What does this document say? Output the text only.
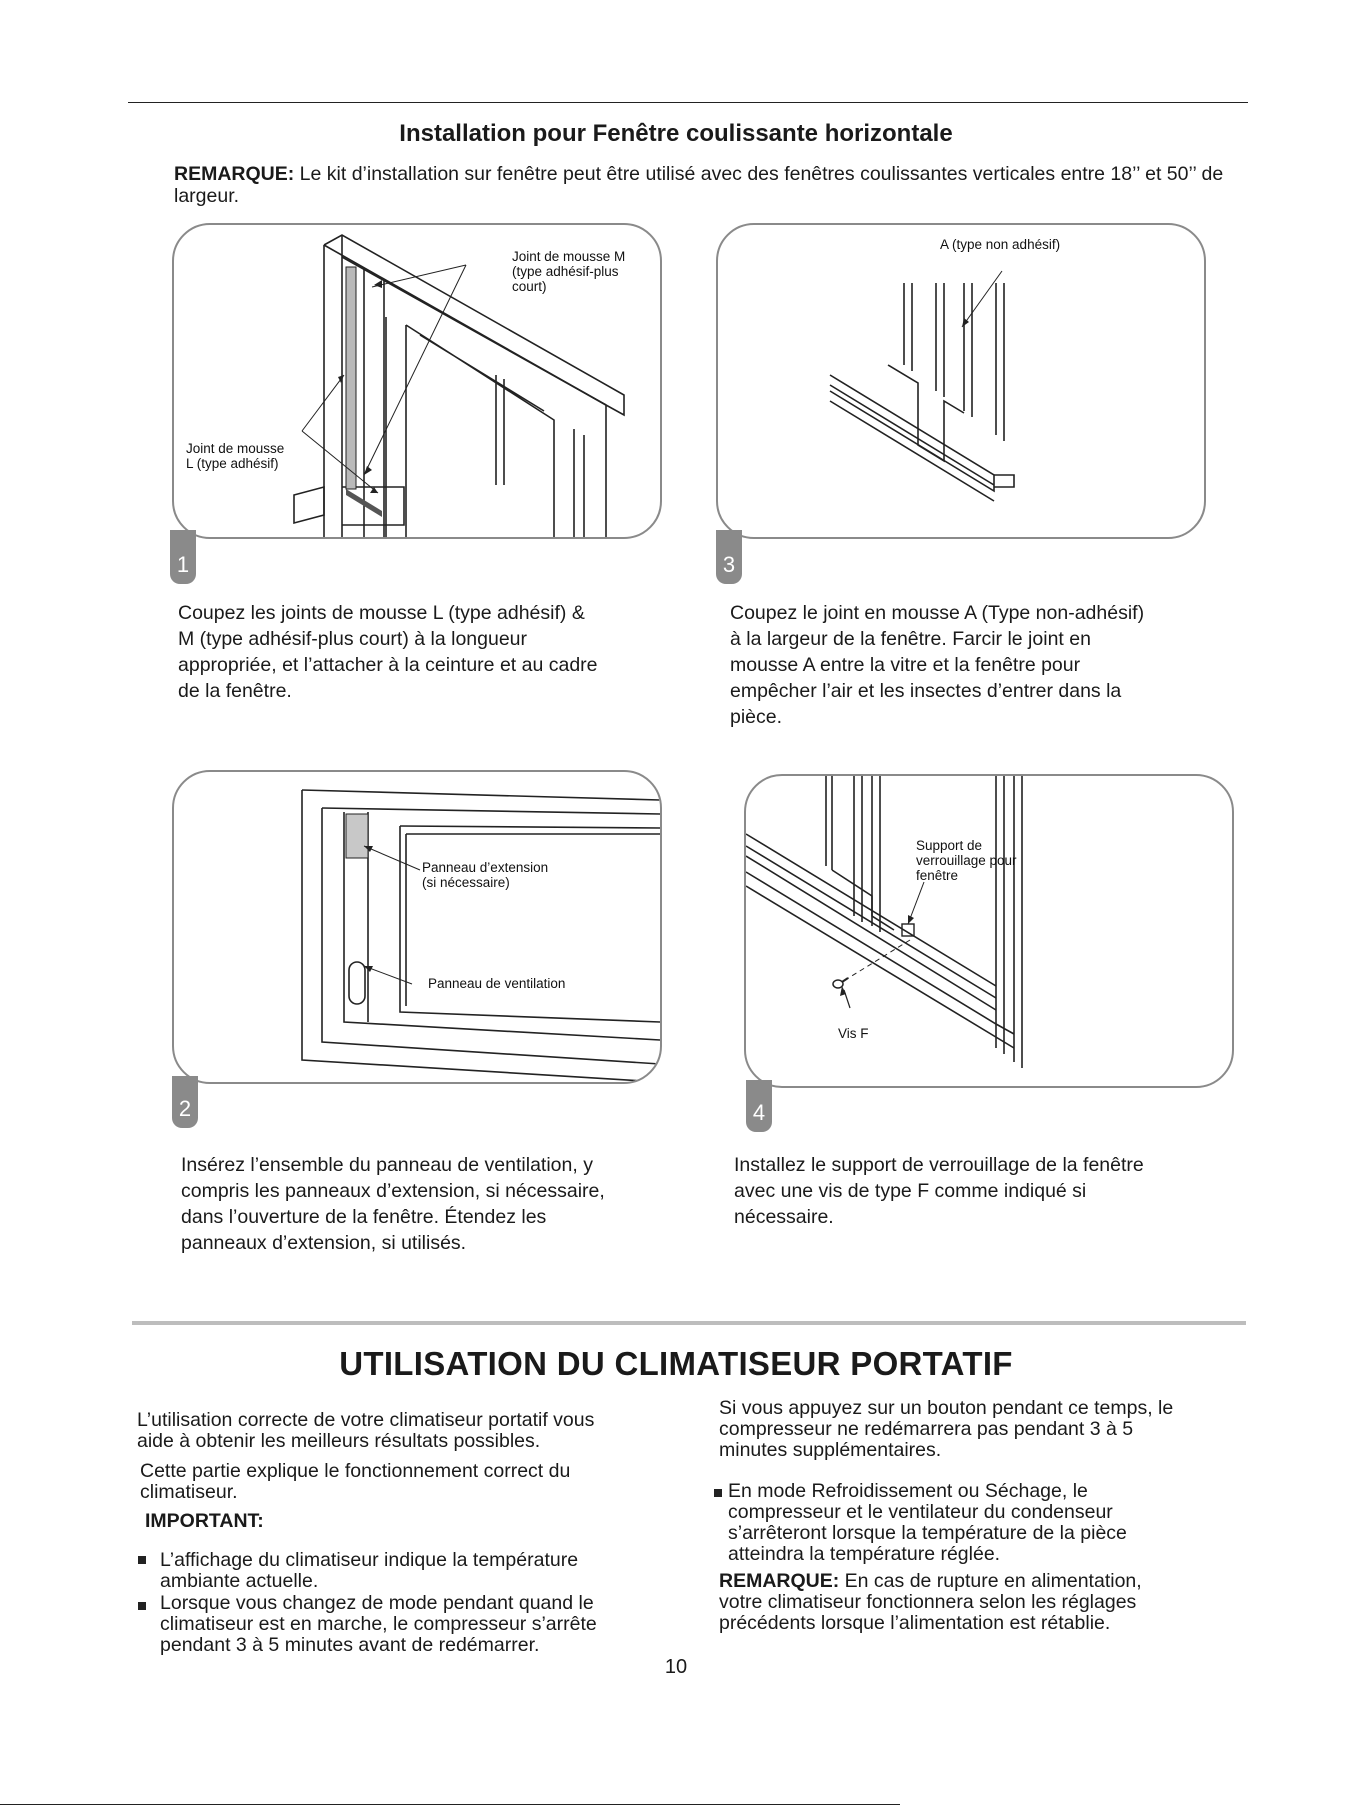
Installation pour Fenêtre coulissante horizontale
REMARQUE: Le kit d’installation sur fenêtre peut être utilisé avec des fenêtres coulissantes verticales entre 18’’ et 50’’ de largeur.
Joint de mousse M
(type adhésif-plus
court)
Joint de mousse
L (type adhésif)
1
Coupez les joints de mousse L (type adhésif) &
M (type adhésif-plus court) à la longueur
appropriée, et l’attacher à la ceinture et au cadre
de la fenêtre.
A (type non adhésif)
3
Coupez le joint en mousse A (Type non-adhésif)
à la largeur de la fenêtre. Farcir le joint en
mousse A entre la vitre et la fenêtre pour
empêcher l’air et les insectes d’entrer dans la
pièce.
Panneau d’extension
(si nécessaire)
Panneau de ventilation
2
Insérez l’ensemble du panneau de ventilation, y
compris les panneaux d’extension, si nécessaire,
dans l’ouverture de la fenêtre. Étendez les
panneaux d’extension, si utilisés.
Support de
verrouillage pour
fenêtre
Vis F
4
Installez le support de verrouillage de la fenêtre
avec une vis de type F comme indiqué si
nécessaire.
UTILISATION DU CLIMATISEUR PORTATIF
L’utilisation correcte de votre climatiseur portatif vous
aide à obtenir les meilleurs résultats possibles.
Cette partie explique le fonctionnement correct du
climatiseur.
IMPORTANT:
L’affichage du climatiseur indique la température
ambiante actuelle.
Lorsque vous changez de mode pendant quand le
climatiseur est en marche, le compresseur s’arrête
pendant 3 à 5 minutes avant de redémarrer.
Si vous appuyez sur un bouton pendant ce temps, le
compresseur ne redémarrera pas pendant 3 à 5
minutes supplémentaires.
En mode Refroidissement ou Séchage, le
compresseur et le ventilateur du condenseur
s’arrêteront lorsque la température de la pièce
atteindra la température réglée.
REMARQUE: En cas de rupture en alimentation,
votre climatiseur fonctionnera selon les réglages
précédents lorsque l’alimentation est rétablie.
10
